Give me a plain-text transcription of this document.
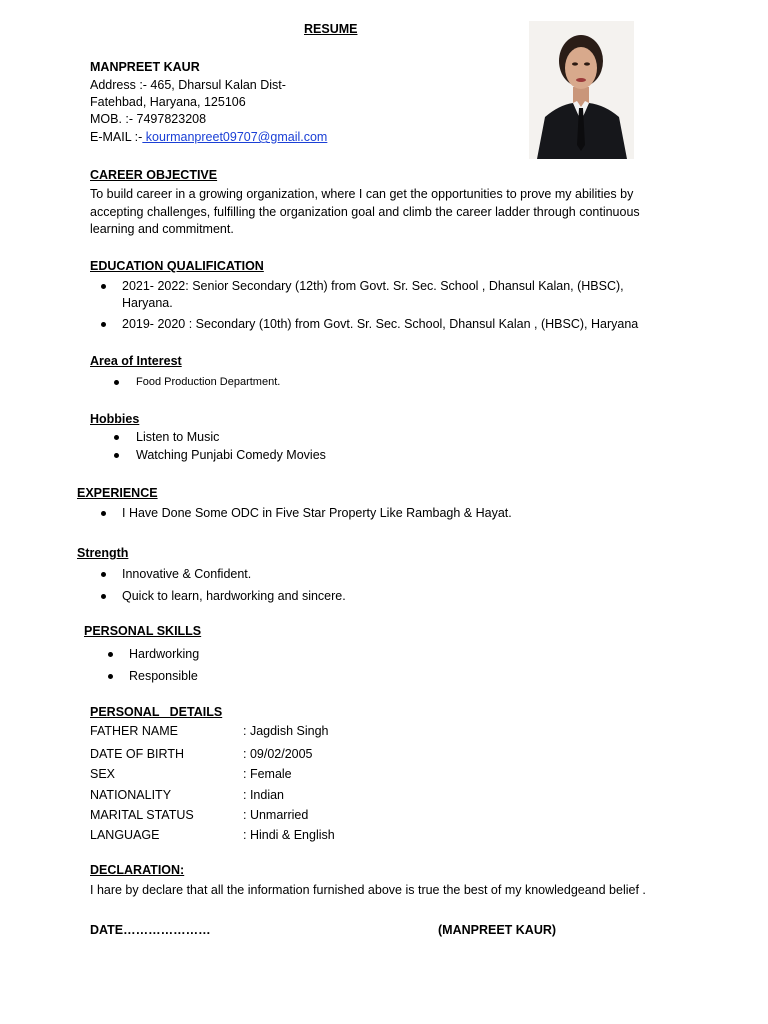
RESUME
MANPREET KAUR
Address :- 465, Dharsul Kalan Dist-
Fatehbad, Haryana, 125106
MOB. :- 7497823208
E-MAIL :- kourmanpreet09707@gmail.com
CAREER OBJECTIVE
To build career in a growing organization, where I can get the opportunities to prove my abilities by accepting challenges, fulfilling the organization goal and climb the career ladder through continuous learning and commitment.
EDUCATION QUALIFICATION
2021- 2022: Senior Secondary (12th) from Govt. Sr. Sec. School , Dhansul Kalan, (HBSC),
Haryana.
2019- 2020 : Secondary (10th) from Govt. Sr. Sec. School, Dhansul Kalan , (HBSC), Haryana
Area of Interest
Food Production Department.
Hobbies
Listen to Music
Watching Punjabi Comedy Movies
EXPERIENCE
I Have Done Some ODC in Five Star Property Like Rambagh & Hayat.
Strength
Innovative & Confident.
Quick to learn, hardworking and sincere.
PERSONAL SKILLS
Hardworking
Responsible
PERSONAL   DETAILS
FATHER NAME	: Jagdish Singh
DATE OF BIRTH	: 09/02/2005
SEX	: Female
NATIONALITY	: Indian
MARITAL STATUS	: Unmarried
LANGUAGE	: Hindi & English
DECLARATION:
I hare by declare that all the information furnished above is true the best of my knowledgeand belief .
DATE…………………	(MANPREET KAUR)
